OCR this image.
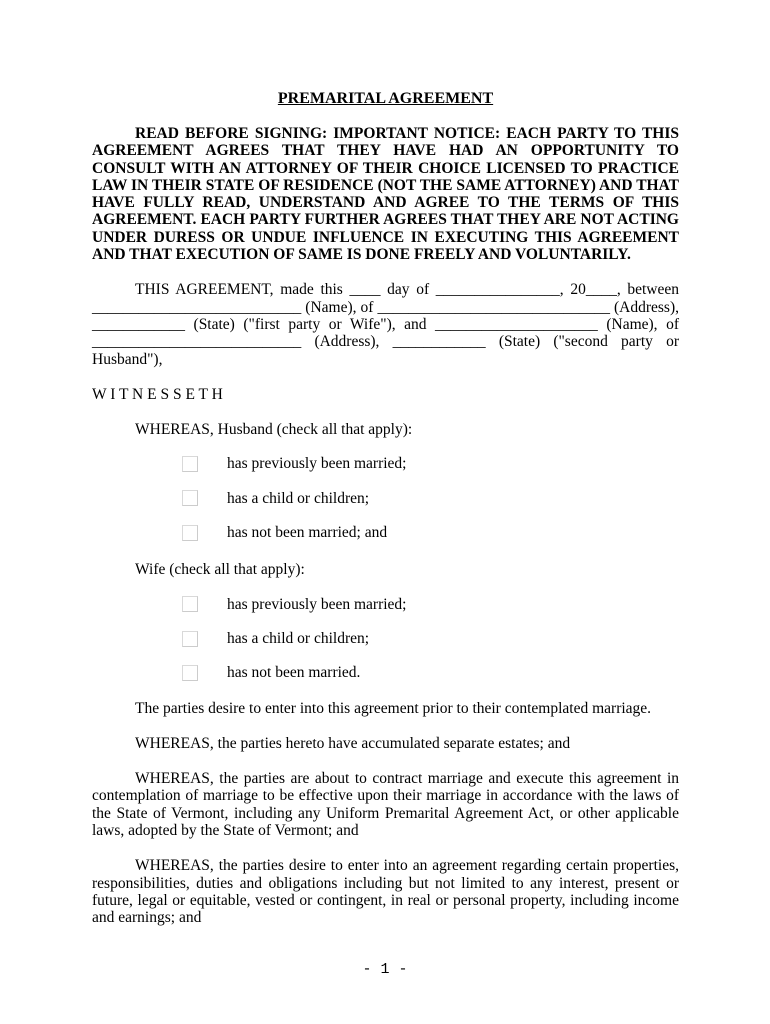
PREMARITAL AGREEMENT

READ BEFORE SIGNING: IMPORTANT NOTICE: EACH PARTY TO THIS AGREEMENT AGREES THAT THEY HAVE HAD AN OPPORTUNITY TO CONSULT WITH AN ATTORNEY OF THEIR CHOICE LICENSED TO PRACTICE LAW IN THEIR STATE OF RESIDENCE (NOT THE SAME ATTORNEY) AND THAT HAVE FULLY READ, UNDERSTAND AND AGREE TO THE TERMS OF THIS AGREEMENT. EACH PARTY FURTHER AGREES THAT THEY ARE NOT ACTING UNDER DURESS OR UNDUE INFLUENCE IN EXECUTING THIS AGREEMENT AND THAT EXECUTION OF SAME IS DONE FREELY AND VOLUNTARILY.

THIS AGREEMENT, made this ____ day of ________________, 20____, between ___________________________ (Name), of ______________________________ (Address), ____________ (State) ("first party or Wife"), and _____________________ (Name), of ___________________________ (Address), ____________ (State) ("second party or Husband"),

W I T N E S S E T H

WHEREAS, Husband (check all that apply):

has previously been married;
has a child or children;
has not been married; and

Wife (check all that apply):

has previously been married;
has a child or children;
has not been married.

The parties desire to enter into this agreement prior to their contemplated marriage.

WHEREAS, the parties hereto have accumulated separate estates; and

WHEREAS, the parties are about to contract marriage and execute this agreement in contemplation of marriage to be effective upon their marriage in accordance with the laws of the State of Vermont, including any Uniform Premarital Agreement Act, or other applicable laws, adopted by the State of Vermont; and

WHEREAS, the parties desire to enter into an agreement regarding certain properties, responsibilities, duties and obligations including but not limited to any interest, present or future, legal or equitable, vested or contingent, in real or personal property, including income and earnings; and

- 1 -
